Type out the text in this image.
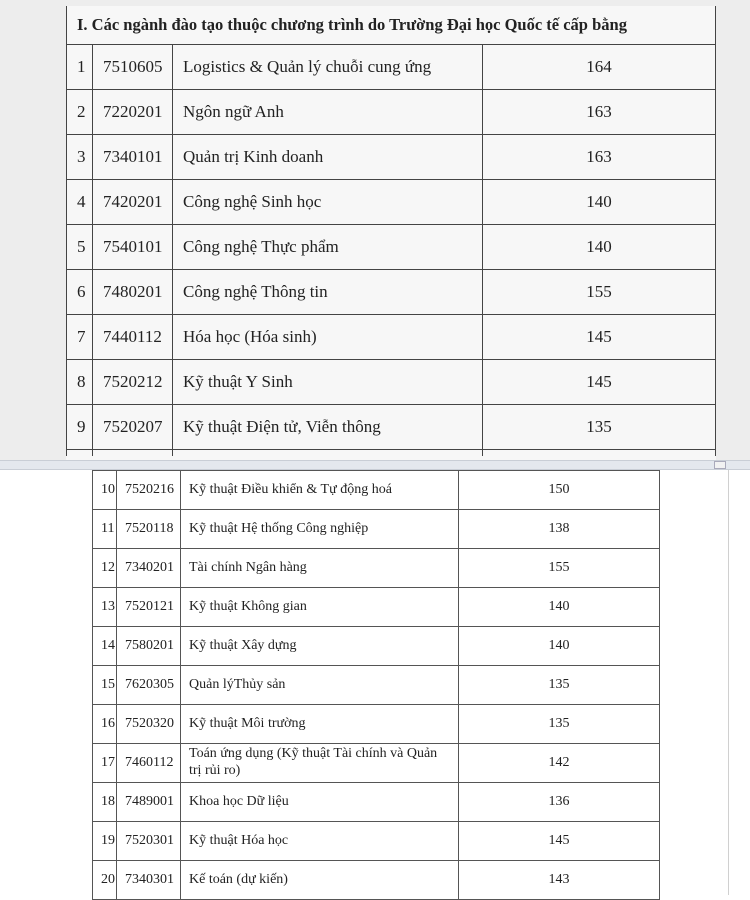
I. Các ngành đào tạo thuộc chương trình do Trường Đại học Quốc tế cấp bằng			
1	7510605	Logistics & Quản lý chuỗi cung ứng	164
2	7220201	Ngôn ngữ Anh	163
3	7340101	Quản trị Kinh doanh	163
4	7420201	Công nghệ Sinh học	140
5	7540101	Công nghệ Thực phẩm	140
6	7480201	Công nghệ Thông tin	155
7	7440112	Hóa học (Hóa sinh)	145
8	7520212	Kỹ thuật Y Sinh	145
9	7520207	Kỹ thuật Điện tử, Viễn thông	135

10	7520216	Kỹ thuật Điều khiển & Tự động hoá	150
11	7520118	Kỹ thuật Hệ thống Công nghiệp	138
12	7340201	Tài chính Ngân hàng	155
13	7520121	Kỹ thuật Không gian	140
14	7580201	Kỹ thuật Xây dựng	140
15	7620305	Quản lýThủy sản	135
16	7520320	Kỹ thuật Môi trường	135
17	7460112	Toán ứng dụng (Kỹ thuật Tài chính và Quản trị rủi ro)	142
18	7489001	Khoa học Dữ liệu	136
19	7520301	Kỹ thuật Hóa học	145
20	7340301	Kế toán (dự kiến)	143
